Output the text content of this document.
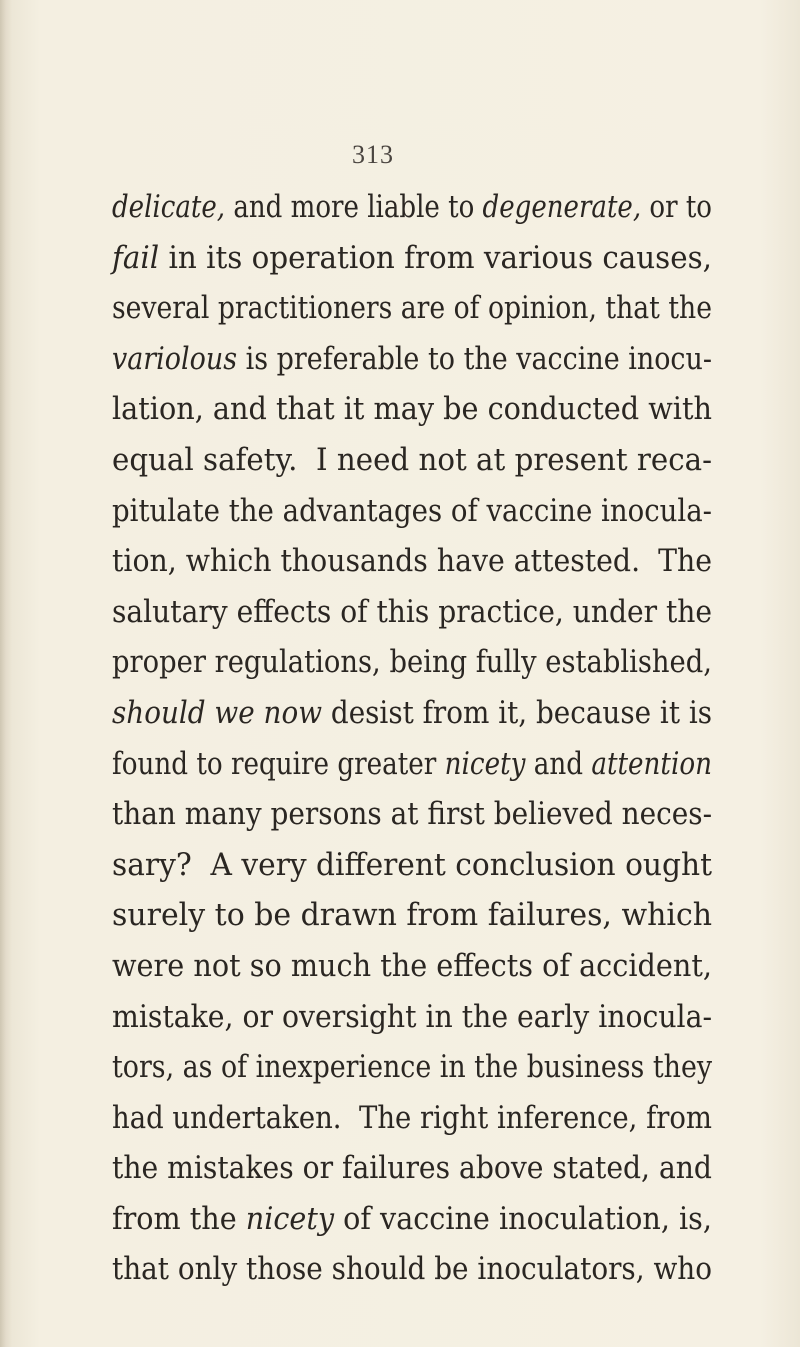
313
delicate, and more liable to degenerate, or to
fail in its operation from various causes,
several practitioners are of opinion, that the
variolous is preferable to the vaccine inocu-
lation, and that it may be conducted with
equal safety.  I need not at present reca-
pitulate the advantages of vaccine inocula-
tion, which thousands have attested.  The
salutary effects of this practice, under the
proper regulations, being fully established,
should we now desist from it, because it is
found to require greater nicety and attention
than many persons at first believed neces-
sary?  A very different conclusion ought
surely to be drawn from failures, which
were not so much the effects of accident,
mistake, or oversight in the early inocula-
tors, as of inexperience in the business they
had undertaken.  The right inference, from
the mistakes or failures above stated, and
from the nicety of vaccine inoculation, is,
that only those should be inoculators, who
